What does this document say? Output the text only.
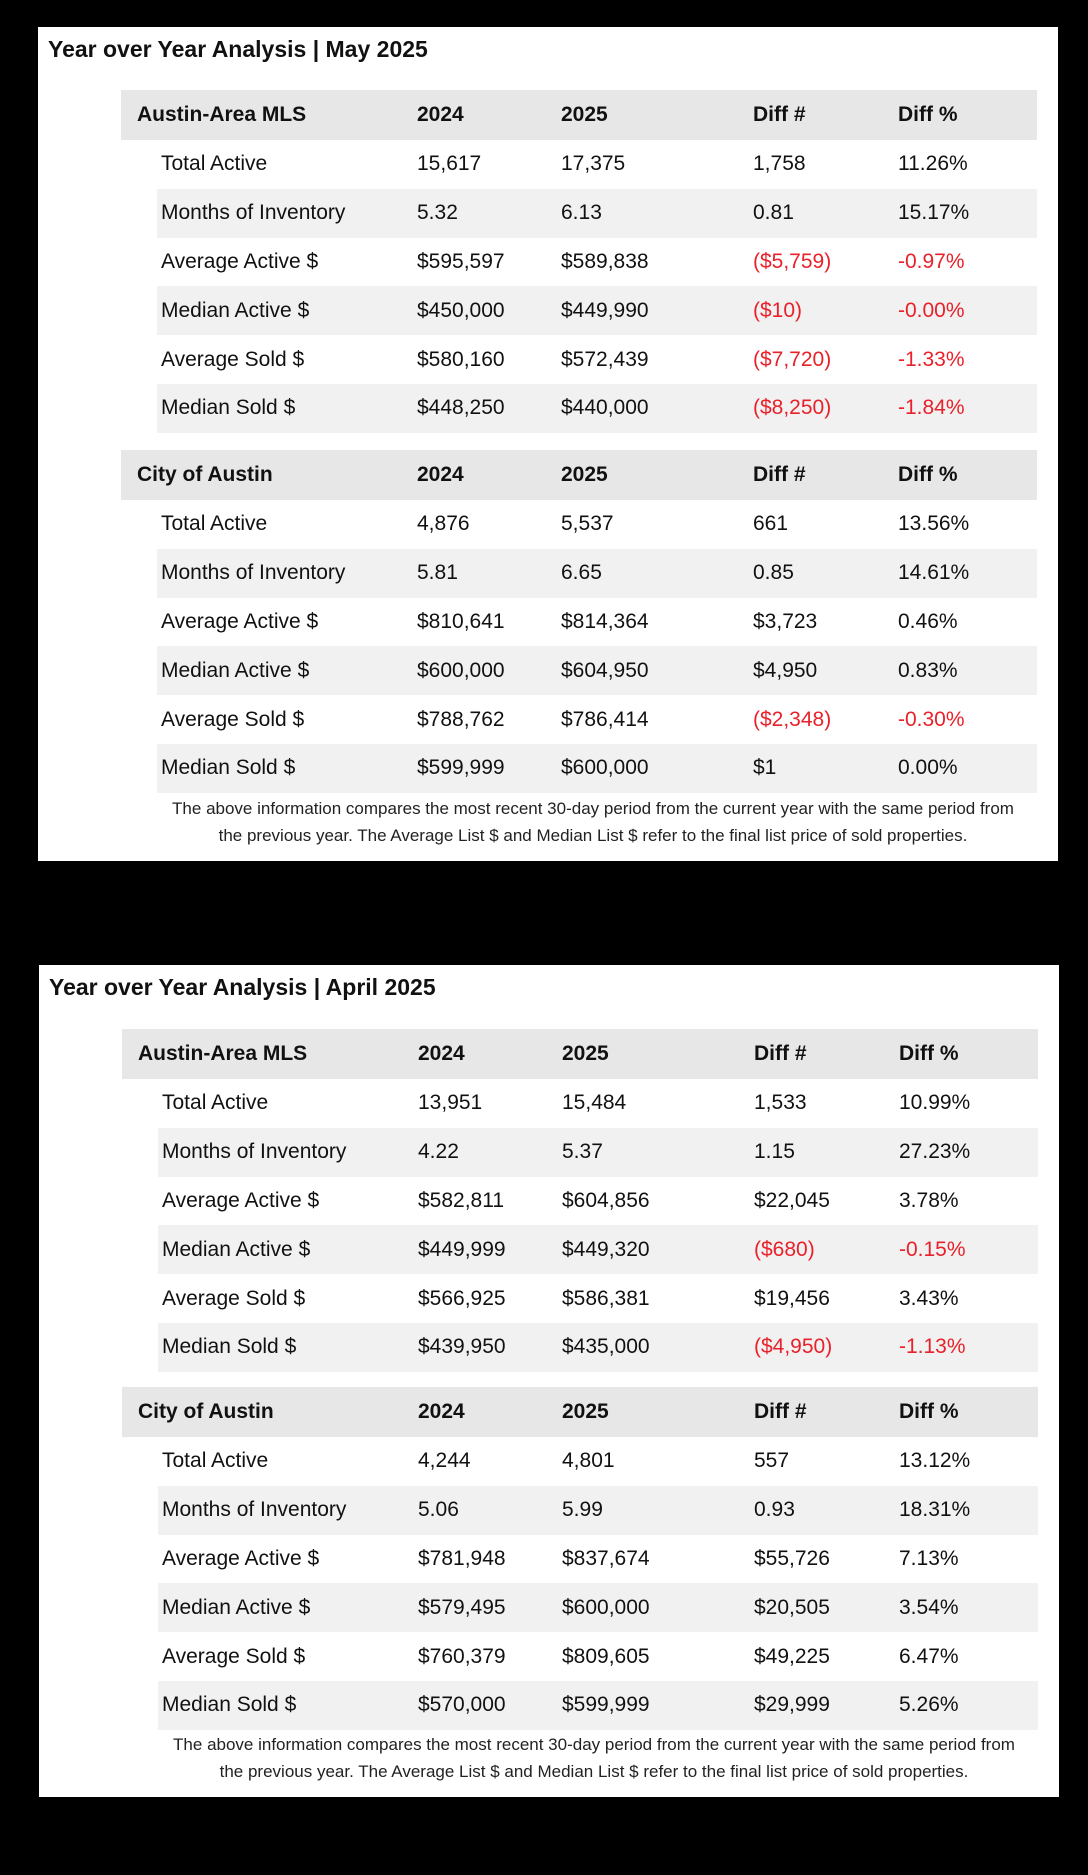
Year over Year Analysis | May 2025
Austin-Area MLS	2024	2025	Diff #	Diff %
Total Active	15,617	17,375	1,758	11.26%
Months of Inventory	5.32	6.13	0.81	15.17%
Average Active $	$595,597	$589,838	($5,759)	-0.97%
Median Active $	$450,000	$449,990	($10)	-0.00%
Average Sold $	$580,160	$572,439	($7,720)	-1.33%
Median Sold $	$448,250	$440,000	($8,250)	-1.84%
City of Austin	2024	2025	Diff #	Diff %
Total Active	4,876	5,537	661	13.56%
Months of Inventory	5.81	6.65	0.85	14.61%
Average Active $	$810,641	$814,364	$3,723	0.46%
Median Active $	$600,000	$604,950	$4,950	0.83%
Average Sold $	$788,762	$786,414	($2,348)	-0.30%
Median Sold $	$599,999	$600,000	$1	0.00%
The above information compares the most recent 30-day period from the current year with the same period from
the previous year. The Average List $ and Median List $ refer to the final list price of sold properties.
Year over Year Analysis | April 2025
Austin-Area MLS	2024	2025	Diff #	Diff %
Total Active	13,951	15,484	1,533	10.99%
Months of Inventory	4.22	5.37	1.15	27.23%
Average Active $	$582,811	$604,856	$22,045	3.78%
Median Active $	$449,999	$449,320	($680)	-0.15%
Average Sold $	$566,925	$586,381	$19,456	3.43%
Median Sold $	$439,950	$435,000	($4,950)	-1.13%
City of Austin	2024	2025	Diff #	Diff %
Total Active	4,244	4,801	557	13.12%
Months of Inventory	5.06	5.99	0.93	18.31%
Average Active $	$781,948	$837,674	$55,726	7.13%
Median Active $	$579,495	$600,000	$20,505	3.54%
Average Sold $	$760,379	$809,605	$49,225	6.47%
Median Sold $	$570,000	$599,999	$29,999	5.26%
The above information compares the most recent 30-day period from the current year with the same period from
the previous year. The Average List $ and Median List $ refer to the final list price of sold properties.
